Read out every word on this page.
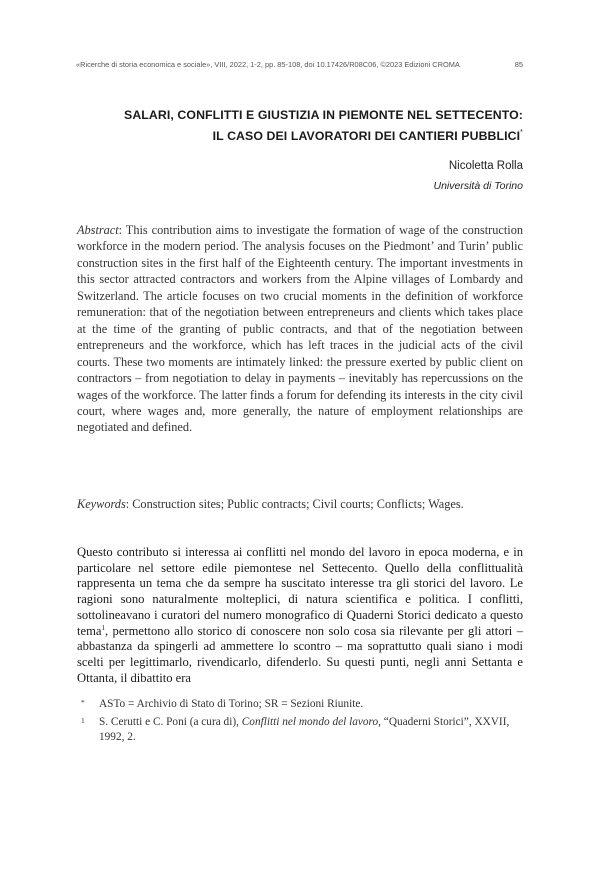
«Ricerche di storia economica e sociale», VIII, 2022, 1-2, pp. 85-108, doi 10.17426/R08C06, ©2023 Edizioni CROMA	85
SALARI, CONFLITTI E GIUSTIZIA IN PIEMONTE NEL SETTECENTO:
IL CASO DEI LAVORATORI DEI CANTIERI PUBBLICI*
Nicoletta Rolla
Università di Torino

Abstract: This contribution aims to investigate the formation of wage of the construction workforce in the modern period. The analysis focuses on the Piedmont’ and Turin’ public construction sites in the first half of the Eighteenth century. The important investments in this sector attracted contractors and workers from the Alpine villages of Lombardy and Switzerland. The article focuses on two crucial moments in the definition of workforce remuneration: that of the negotiation between entrepreneurs and clients which takes place at the time of the granting of public contracts, and that of the negotiation between entrepreneurs and the workforce, which has left traces in the judicial acts of the civil courts. These two moments are intimately linked: the pressure exerted by public client on contractors – from negotiation to delay in payments – inevitably has repercussions on the wages of the workforce. The latter finds a forum for defending its interests in the city civil court, where wages and, more generally, the nature of employment relationships are negotiated and defined.

Keywords: Construction sites; Public contracts; Civil courts; Conflicts; Wages.

Questo contributo si interessa ai conflitti nel mondo del lavoro in epoca moderna, e in particolare nel settore edile piemontese nel Settecento. Quello della conflittualità rappresenta un tema che da sempre ha suscitato interesse tra gli storici del lavoro. Le ragioni sono naturalmente molteplici, di natura scientifica e politica. I conflitti, sottolineavano i curatori del numero monografico di Quaderni Storici dedicato a questo tema$^1$, permettono allo storico di conoscere non solo cosa sia rilevante per gli attori – abbastanza da spingerli ad ammettere lo scontro – ma soprattutto quali siano i modi scelti per legittimarlo, rivendicarlo, difenderlo. Su questi punti, negli anni Settanta e Ottanta, il dibattito era

* ASTo = Archivio di Stato di Torino; SR = Sezioni Riunite.

1 S. Cerutti e C. Poni (a cura di), Conflitti nel mondo del lavoro, “Quaderni Storici”, XXVII, 1992, 2.
